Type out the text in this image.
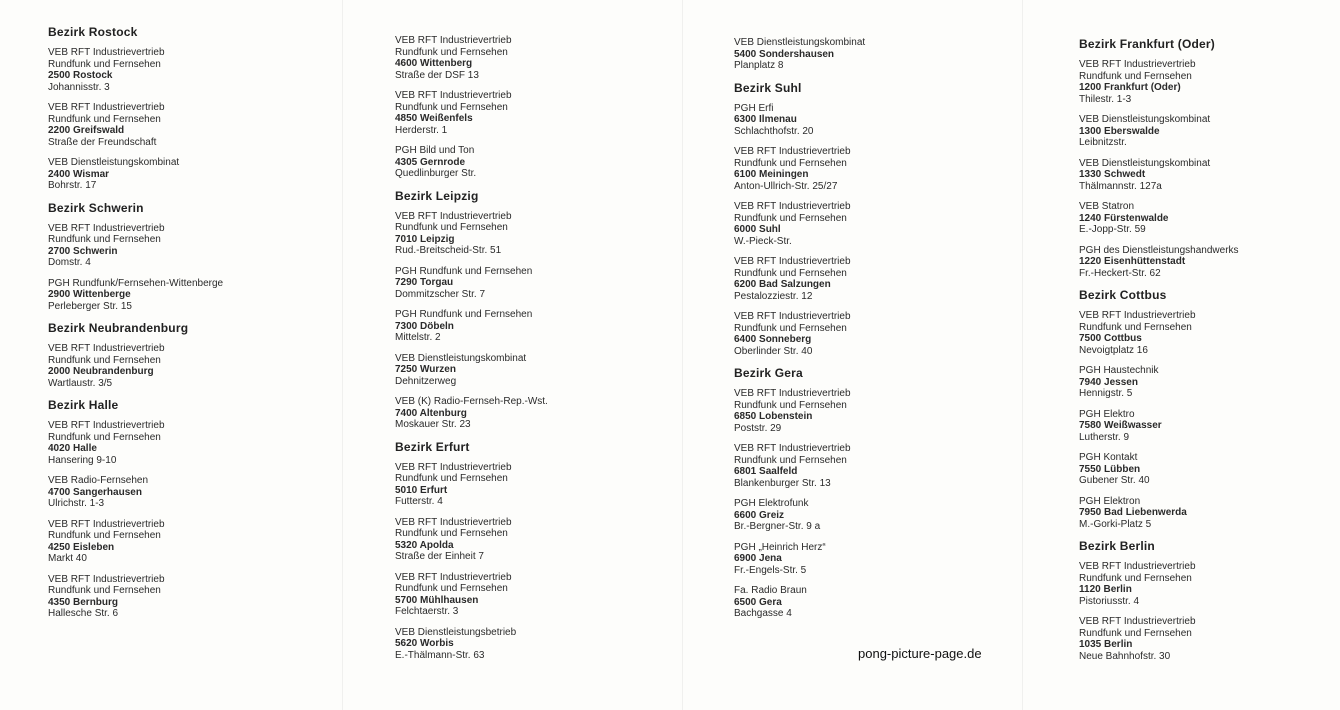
Bezirk Rostock
VEB RFT Industrievertrieb
Rundfunk und Fernsehen
2500 Rostock
Johannisstr. 3
VEB RFT Industrievertrieb
Rundfunk und Fernsehen
2200 Greifswald
Straße der Freundschaft
VEB Dienstleistungskombinat
2400 Wismar
Bohrstr. 17
Bezirk Schwerin
VEB RFT Industrievertrieb
Rundfunk und Fernsehen
2700 Schwerin
Domstr. 4
PGH Rundfunk/Fernsehen-Wittenberge
2900 Wittenberge
Perleberger Str. 15
Bezirk Neubrandenburg
VEB RFT Industrievertrieb
Rundfunk und Fernsehen
2000 Neubrandenburg
Wartlaustr. 3/5
Bezirk Halle
VEB RFT Industrievertrieb
Rundfunk und Fernsehen
4020 Halle
Hansering 9-10
VEB Radio-Fernsehen
4700 Sangerhausen
Ulrichstr. 1-3
VEB RFT Industrievertrieb
Rundfunk und Fernsehen
4250 Eisleben
Markt 40
VEB RFT Industrievertrieb
Rundfunk und Fernsehen
4350 Bernburg
Hallesche Str. 6
VEB RFT Industrievertrieb
Rundfunk und Fernsehen
4600 Wittenberg
Straße der DSF 13
VEB RFT Industrievertrieb
Rundfunk und Fernsehen
4850 Weißenfels
Herderstr. 1
PGH Bild und Ton
4305 Gernrode
Quedlinburger Str.
Bezirk Leipzig
VEB RFT Industrievertrieb
Rundfunk und Fernsehen
7010 Leipzig
Rud.-Breitscheid-Str. 51
PGH Rundfunk und Fernsehen
7290 Torgau
Dommitzscher Str. 7
PGH Rundfunk und Fernsehen
7300 Döbeln
Mittelstr. 2
VEB Dienstleistungskombinat
7250 Wurzen
Dehnitzerweg
VEB (K) Radio-Fernseh-Rep.-Wst.
7400 Altenburg
Moskauer Str. 23
Bezirk Erfurt
VEB RFT Industrievertrieb
Rundfunk und Fernsehen
5010 Erfurt
Futterstr. 4
VEB RFT Industrievertrieb
Rundfunk und Fernsehen
5320 Apolda
Straße der Einheit 7
VEB RFT Industrievertrieb
Rundfunk und Fernsehen
5700 Mühlhausen
Felchtaerstr. 3
VEB Dienstleistungsbetrieb
5620 Worbis
E.-Thälmann-Str. 63
VEB Dienstleistungskombinat
5400 Sondershausen
Planplatz 8
Bezirk Suhl
PGH Erfi
6300 Ilmenau
Schlachthofstr. 20
VEB RFT Industrievertrieb
Rundfunk und Fernsehen
6100 Meiningen
Anton-Ullrich-Str. 25/27
VEB RFT Industrievertrieb
Rundfunk und Fernsehen
6000 Suhl
W.-Pieck-Str.
VEB RFT Industrievertrieb
Rundfunk und Fernsehen
6200 Bad Salzungen
Pestalozziestr. 12
VEB RFT Industrievertrieb
Rundfunk und Fernsehen
6400 Sonneberg
Oberlinder Str. 40
Bezirk Gera
VEB RFT Industrievertrieb
Rundfunk und Fernsehen
6850 Lobenstein
Poststr. 29
VEB RFT Industrievertrieb
Rundfunk und Fernsehen
6801 Saalfeld
Blankenburger Str. 13
PGH Elektrofunk
6600 Greiz
Br.-Bergner-Str. 9 a
PGH „Heinrich Herz“
6900 Jena
Fr.-Engels-Str. 5
Fa. Radio Braun
6500 Gera
Bachgasse 4
Bezirk Frankfurt (Oder)
VEB RFT Industrievertrieb
Rundfunk und Fernsehen
1200 Frankfurt (Oder)
Thilestr. 1-3
VEB Dienstleistungskombinat
1300 Eberswalde
Leibnitzstr.
VEB Dienstleistungskombinat
1330 Schwedt
Thälmannstr. 127a
VEB Statron
1240 Fürstenwalde
E.-Jopp-Str. 59
PGH des Dienstleistungshandwerks
1220 Eisenhüttenstadt
Fr.-Heckert-Str. 62
Bezirk Cottbus
VEB RFT Industrievertrieb
Rundfunk und Fernsehen
7500 Cottbus
Nevoigtplatz 16
PGH Haustechnik
7940 Jessen
Hennigstr. 5
PGH Elektro
7580 Weißwasser
Lutherstr. 9
PGH Kontakt
7550 Lübben
Gubener Str. 40
PGH Elektron
7950 Bad Liebenwerda
M.-Gorki-Platz 5
Bezirk Berlin
VEB RFT Industrievertrieb
Rundfunk und Fernsehen
1120 Berlin
Pistoriusstr. 4
VEB RFT Industrievertrieb
Rundfunk und Fernsehen
1035 Berlin
Neue Bahnhofstr. 30
pong-picture-page.de
